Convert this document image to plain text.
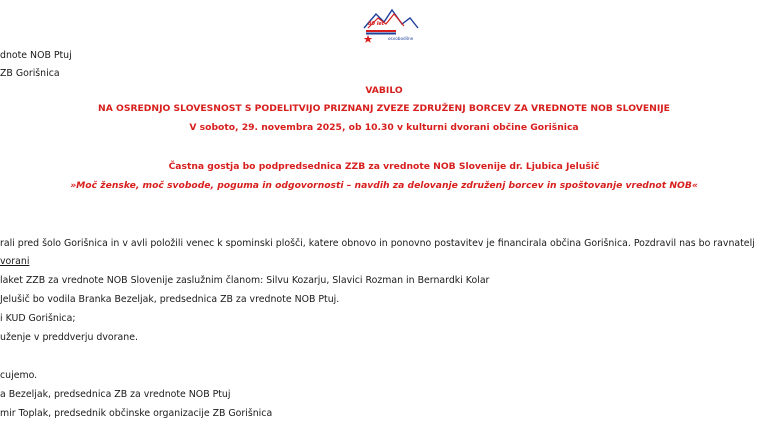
80 let
osvobodilne
dnote NOB Ptuj
ZB Gorišnica
VABILO
NA OSREDNJO SLOVESNOST S PODELITVIJO PRIZNANJ ZVEZE ZDRUŽENJ BORCEV ZA VREDNOTE NOB SLOVENIJE
V soboto, 29. novembra 2025, ob 10.30 v kulturni dvorani občine Gorišnica
Častna gostja bo podpredsednica ZZB za vrednote NOB Slovenije dr. Ljubica Jelušič
»Moč ženske, moč svobode, poguma in odgovornosti – navdih za delovanje združenj borcev in spoštovanje vrednot NOB«
rali pred šolo Gorišnica in v avli položili venec k spominski plošči, katere obnovo in ponovno postavitev je financirala občina Gorišnica. Pozdravil nas bo ravnatelj
vorani
laket ZZB za vrednote NOB Slovenije zaslužnim članom: Silvu Kozarju, Slavici Rozman in Bernardki Kolar
Jelušič bo vodila Branka Bezeljak, predsednica ZB za vrednote NOB Ptuj.
i KUD Gorišnica;
uženje v preddverju dvorane.
cujemo.
a Bezeljak, predsednica ZB za vrednote NOB Ptuj
mir Toplak, predsednik občinske organizacije ZB Gorišnica
